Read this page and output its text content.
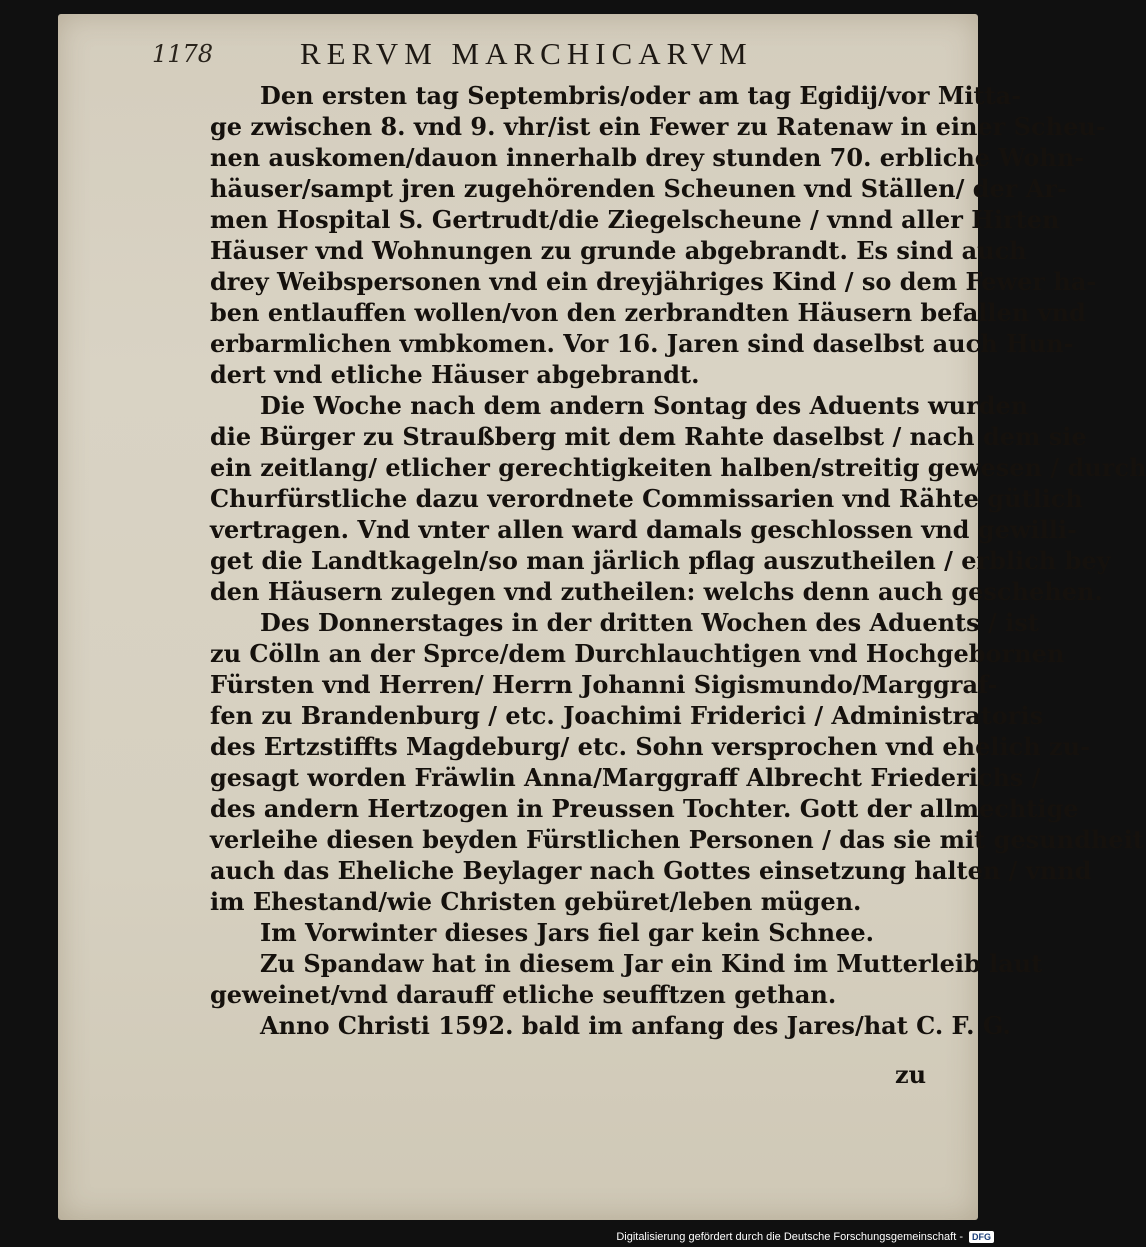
1178	RERVM MARCHICARVM
Den ersten tag Septembris/oder am tag Egidij/vor Mitta-
ge zwischen 8. vnd 9. vhr/ist ein Fewer zu Ratenaw in einer Scheu-
nen auskomen/dauon innerhalb drey stunden 70. erbliche Wohn-
häuser/sampt jren zugehörenden Scheunen vnd Ställen/ der Ar-
men Hospital S. Gertrudt/die Ziegelscheune / vnnd aller Hirten
Häuser vnd Wohnungen zu grunde abgebrandt. Es sind auch
drey Weibspersonen vnd ein dreyjähriges Kind / so dem Fewer ha-
ben entlauffen wollen/von den zerbrandten Häusern befallen vnd
erbarmlichen vmbkomen. Vor 16. Jaren sind daselbst auch Hun-
dert vnd etliche Häuser abgebrandt.
Die Woche nach dem andern Sontag des Aduents wurden
die Bürger zu Straußberg mit dem Rahte daselbst / nach dem sie
ein zeitlang/ etlicher gerechtigkeiten halben/streitig gewesen / durch
Churfürstliche dazu verordnete Commissarien vnd Rähte gütlich
vertragen. Vnd vnter allen ward damals geschlossen vnd gewilli-
get die Landtkageln/so man järlich pflag auszutheilen / erblich bey
den Häusern zulegen vnd zutheilen: welchs denn auch geschehen.
Des Donnerstages in der dritten Wochen des Aduents / ist
zu Cölln an der Sprce/dem Durchlauchtigen vnd Hochgebornen
Fürsten vnd Herren/ Herrn Johanni Sigismundo/Marggraf-
fen zu Brandenburg / etc. Joachimi Friderici / Administratoris
des Ertzstiffts Magdeburg/ etc. Sohn versprochen vnd ehelich zu-
gesagt worden Fräwlin Anna/Marggraff Albrecht Friederichs /
des andern Hertzogen in Preussen Tochter. Gott der allmechtige
verleihe diesen beyden Fürstlichen Personen / das sie mit gesundheit
auch das Eheliche Beylager nach Gottes einsetzung halten / vnnd
im Ehestand/wie Christen gebüret/leben mügen.
Im Vorwinter dieses Jars fiel gar kein Schnee.
Zu Spandaw hat in diesem Jar ein Kind im Mutterleib laut
geweinet/vnd darauff etliche seufftzen gethan.
Anno Christi 1592. bald im anfang des Jares/hat C. F. G.
zu
Digitalisierung gefördert durch die Deutsche Forschungsgemeinschaft -	DFG
